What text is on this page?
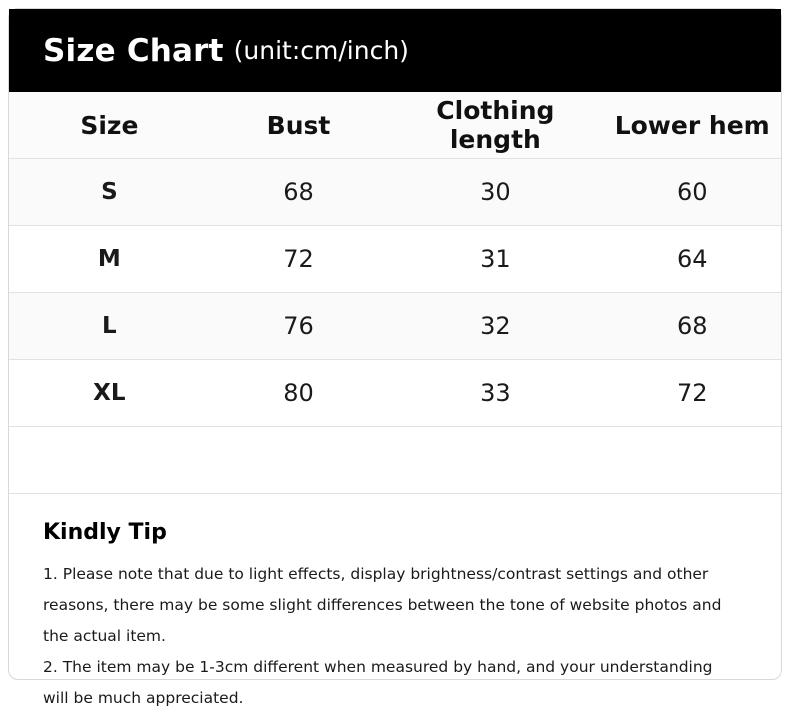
Size Chart (unit:cm/inch)
Size	Bust	Clothing length	Lower hem
S	68	30	60
M	72	31	64
L	76	32	68
XL	80	33	72

Kindly Tip
1. Please note that due to light effects, display brightness/contrast settings and other
reasons, there may be some slight differences between the tone of website photos and
the actual item.
2. The item may be 1-3cm different when measured by hand, and your understanding
will be much appreciated.
